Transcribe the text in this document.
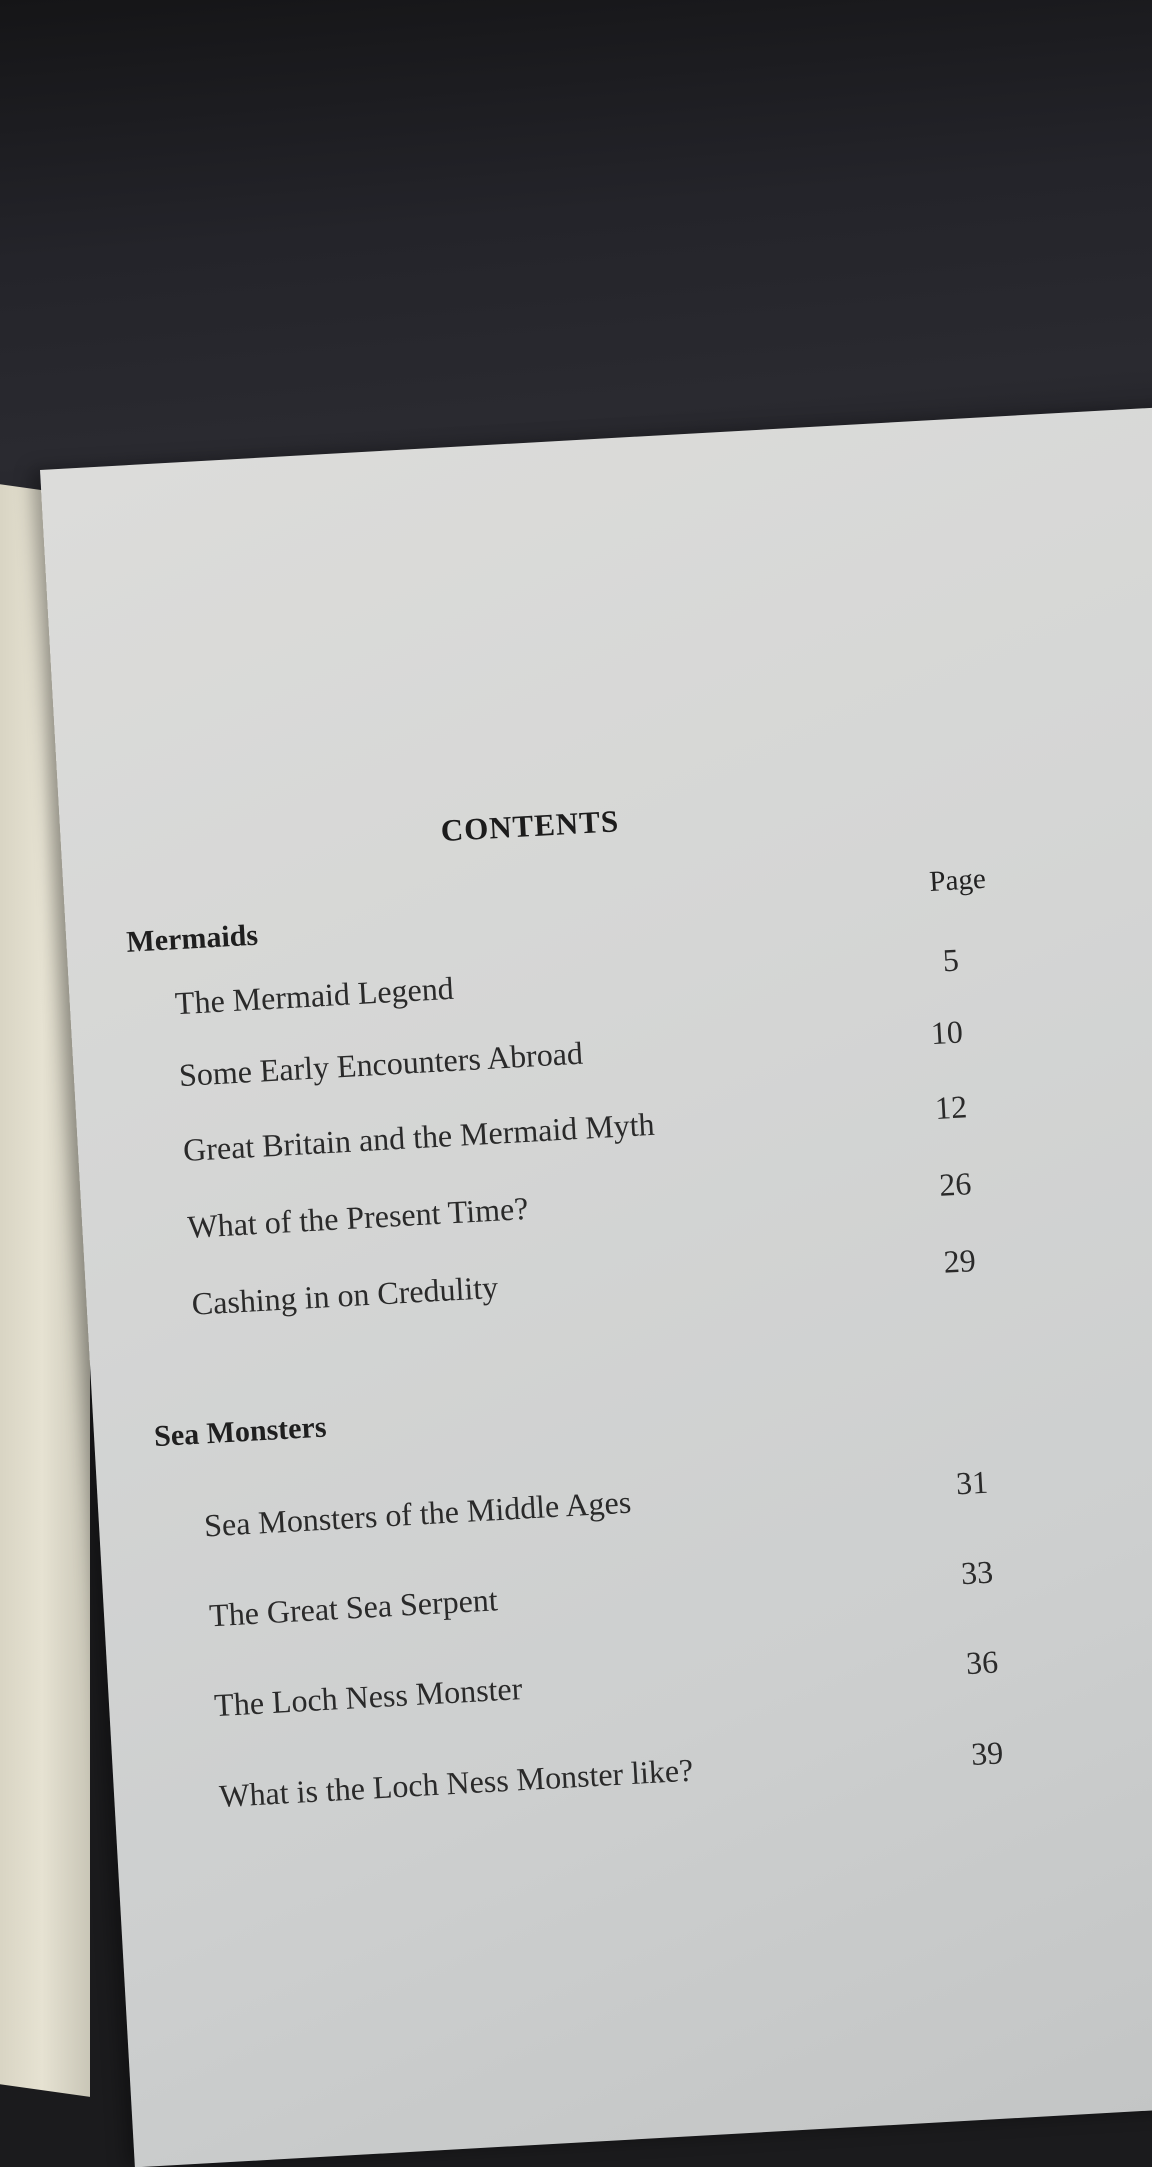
CONTENTS
Page
Mermaids
The Mermaid Legend
5
Some Early Encounters Abroad
10
Great Britain and the Mermaid Myth	12
What of the Present Time?
26
Cashing in on Credulity
29
Sea Monsters
Sea Monsters of the Middle Ages
31
The Great Sea Serpent
33
The Loch Ness Monster
36
What is the Loch Ness Monster like?	39
